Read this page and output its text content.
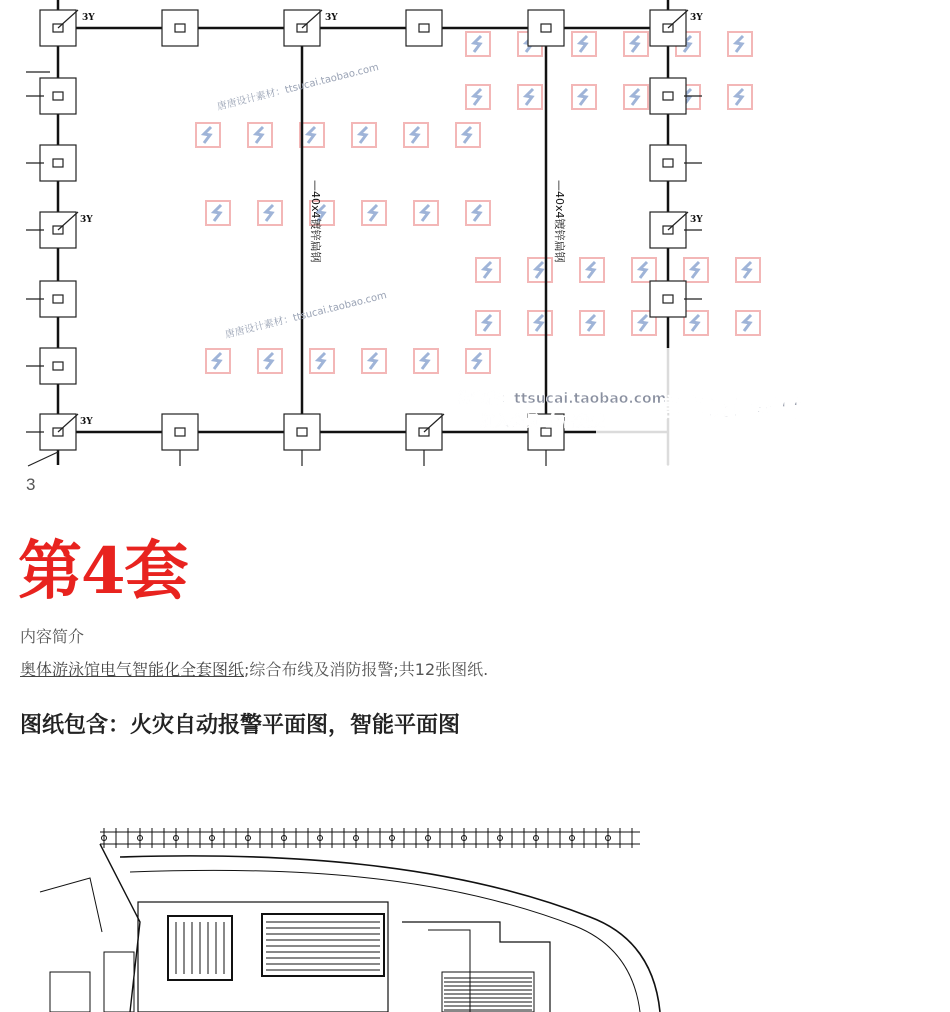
3Y	3Y	3Y
3Y	3Y
3Y
—40x4镀锌扁钢	—40x4镀锌扁钢
唐唐设计素材：ttsucai.taobao.com
唐唐设计素材：ttsucai.taobao.com
淘宝店：ttsucai.taobao.com
加入会员 全店免费 唐唐设计素材
3
第4套
内容简介
奥体游泳馆电气智能化全套图纸;综合布线及消防报警;共12张图纸.
图纸包含：火灾自动报警平面图，智能平面图
